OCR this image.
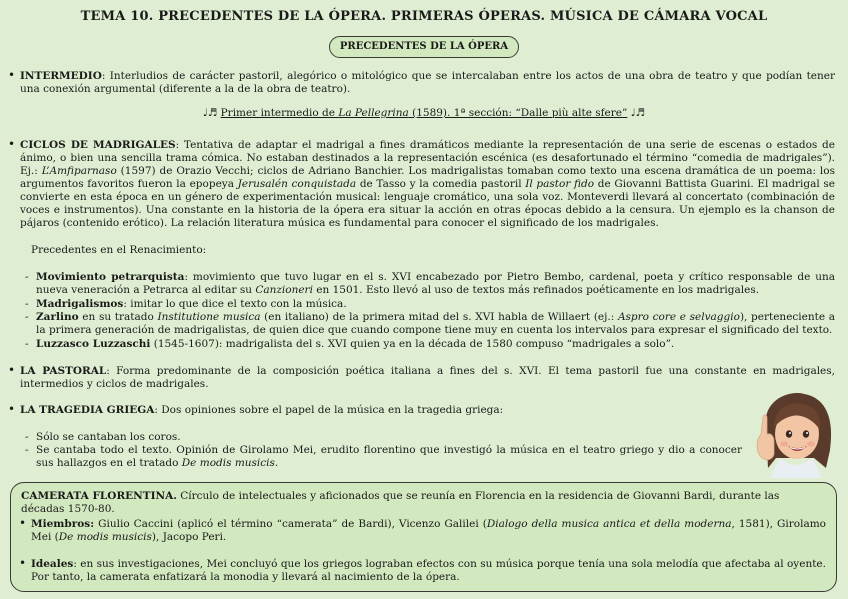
TEMA 10. PRECEDENTES DE LA ÓPERA. PRIMERAS ÓPERAS. MÚSICA DE CÁMARA VOCAL
PRECEDENTES DE LA ÓPERA
• INTERMEDIO: Interludios de carácter pastoril, alegórico o mitológico que se intercalaban entre los actos de una obra de teatro y que podían tener una conexión argumental (diferente a la de la obra de teatro).
♩♬ Primer intermedio de La Pellegrina (1589). 1ª sección: “Dalle più alte sfere” ♩♬
• CICLOS DE MADRIGALES: Tentativa de adaptar el madrigal a fines dramáticos mediante la representación de una serie de escenas o estados de ánimo, o bien una sencilla trama cómica. No estaban destinados a la representación escénica (es desafortunado el término “comedia de madrigales”). Ej.: L’Amfiparnaso (1597) de Orazio Vecchi; ciclos de Adriano Banchier. Los madrigalistas tomaban como texto una escena dramática de un poema: los argumentos favoritos fueron la epopeya Jerusalén conquistada de Tasso y la comedia pastoril Il pastor fido de Giovanni Battista Guarini. El madrigal se convierte en esta época en un género de experimentación musical: lenguaje cromático, una sola voz. Monteverdi llevará al concertato (combinación de voces e instrumentos). Una constante en la historia de la ópera era situar la acción en otras épocas debido a la censura. Un ejemplo es la chanson de pájaros (contenido erótico). La relación literatura música es fundamental para conocer el significado de los madrigales.
Precedentes en el Renacimiento:
- Movimiento petrarquista: movimiento que tuvo lugar en el s. XVI encabezado por Pietro Bembo, cardenal, poeta y crítico responsable de una nueva veneración a Petrarca al editar su Canzioneri en 1501. Esto llevó al uso de textos más refinados poéticamente en los madrigales.
- Madrigalismos: imitar lo que dice el texto con la música.
- Zarlino en su tratado Institutione musica (en italiano) de la primera mitad del s. XVI habla de Willaert (ej.: Aspro core e selvaggio), perteneciente a la primera generación de madrigalistas, de quien dice que cuando compone tiene muy en cuenta los intervalos para expresar el significado del texto.
- Luzzasco Luzzaschi (1545-1607): madrigalista del s. XVI quien ya en la década de 1580 compuso “madrigales a solo”.
• LA PASTORAL: Forma predominante de la composición poética italiana a fines del s. XVI. El tema pastoril fue una constante en madrigales, intermedios y ciclos de madrigales.
• LA TRAGEDIA GRIEGA: Dos opiniones sobre el papel de la música en la tragedia griega:
- Sólo se cantaban los coros.
- Se cantaba todo el texto. Opinión de Girolamo Mei, erudito florentino que investigó la música en el teatro griego y dio a conocer sus hallazgos en el tratado De modis musicis.
CAMERATA FLORENTINA. Círculo de intelectuales y aficionados que se reunía en Florencia en la residencia de Giovanni Bardi, durante las décadas 1570-80.
• Miembros: Giulio Caccini (aplicó el término “camerata” de Bardi), Vicenzo Galilei (Dialogo della musica antica et della moderna, 1581), Girolamo Mei (De modis musicis), Jacopo Peri.
• Ideales: en sus investigaciones, Mei concluyó que los griegos lograban efectos con su música porque tenía una sola melodía que afectaba al oyente. Por tanto, la camerata enfatizará la monodia y llevará al nacimiento de la ópera.
